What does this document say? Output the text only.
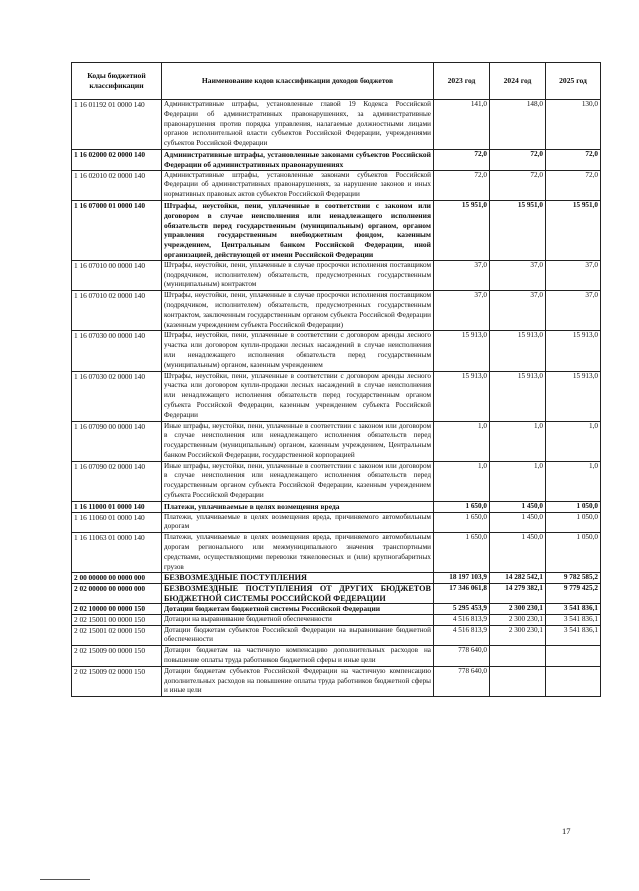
Коды бюджетной классификации	Наименование кодов классификации доходов бюджетов	2023 год	2024 год	2025 год
1 16 01192 01 0000 140	Административные штрафы, установленные главой 19 Кодекса Российской Федерации об административных правонарушениях, за административные правонарушения против порядка управления, налагаемые должностными лицами органов исполнительной власти субъектов Российской Федерации, учреждениями субъектов Российской Федерации	141,0	148,0	130,0
1 16 02000 02 0000 140	Административные штрафы, установленные законами субъектов Российской Федерации об административных правонарушениях	72,0	72,0	72,0
1 16 02010 02 0000 140	Административные штрафы, установленные законами субъектов Российской Федерации об административных правонарушениях, за нарушение законов и иных нормативных правовых актов субъектов Российской Федерации	72,0	72,0	72,0
1 16 07000 01 0000 140	Штрафы, неустойки, пени, уплаченные в соответствии с законом или договором в случае неисполнения или ненадлежащего исполнения обязательств перед государственным (муниципальным) органом, органом управления государственным внебюджетным фондом, казенным учреждением, Центральным банком Российской Федерации, иной организацией, действующей от имени Российской Федерации	15 951,0	15 951,0	15 951,0
1 16 07010 00 0000 140	Штрафы, неустойки, пени, уплаченные в случае просрочки исполнения поставщиком (подрядчиком, исполнителем) обязательств, предусмотренных государственным (муниципальным) контрактом	37,0	37,0	37,0
1 16 07010 02 0000 140	Штрафы, неустойки, пени, уплаченные в случае просрочки исполнения поставщиком (подрядчиком, исполнителем) обязательств, предусмотренных государственным контрактом, заключенным государственным органом субъекта Российской Федерации (казенным учреждением субъекта Российской Федерации)	37,0	37,0	37,0
1 16 07030 00 0000 140	Штрафы, неустойки, пени, уплаченные в соответствии с договором аренды лесного участка или договором купли-продажи лесных насаждений в случае неисполнения или ненадлежащего исполнения обязательств перед государственным (муниципальным) органом, казенным учреждением	15 913,0	15 913,0	15 913,0
1 16 07030 02 0000 140	Штрафы, неустойки, пени, уплаченные в соответствии с договором аренды лесного участка или договором купли-продажи лесных насаждений в случае неисполнения или ненадлежащего исполнения обязательств перед государственным органом субъекта Российской Федерации, казенным учреждением субъекта Российской Федерации	15 913,0	15 913,0	15 913,0
1 16 07090 00 0000 140	Иные штрафы, неустойки, пени, уплаченные в соответствии с законом или договором в случае неисполнения или ненадлежащего исполнения обязательств перед государственным (муниципальным) органом, казенным учреждением, Центральным банком Российской Федерации, государственной корпорацией	1,0	1,0	1,0
1 16 07090 02 0000 140	Иные штрафы, неустойки, пени, уплаченные в соответствии с законом или договором в случае неисполнения или ненадлежащего исполнения обязательств перед государственным органом субъекта Российской Федерации, казенным учреждением субъекта Российской Федерации	1,0	1,0	1,0
1 16 11000 01 0000 140	Платежи, уплачиваемые в целях возмещения вреда	1 650,0	1 450,0	1 050,0
1 16 11060 01 0000 140	Платежи, уплачиваемые в целях возмещения вреда, причиняемого автомобильным дорогам	1 650,0	1 450,0	1 050,0
1 16 11063 01 0000 140	Платежи, уплачиваемые в целях возмещения вреда, причиняемого автомобильным дорогам регионального или межмуниципального значения транспортными средствами, осуществляющими перевозки тяжеловесных и (или) крупногабаритных грузов	1 650,0	1 450,0	1 050,0
2 00 00000 00 0000 000	БЕЗВОЗМЕЗДНЫЕ ПОСТУПЛЕНИЯ	18 197 103,9	14 282 542,1	9 782 585,2
2 02 00000 00 0000 000	БЕЗВОЗМЕЗДНЫЕ ПОСТУПЛЕНИЯ ОТ ДРУГИХ БЮДЖЕТОВ БЮДЖЕТНОЙ СИСТЕМЫ РОССИЙСКОЙ ФЕДЕРАЦИИ	17 346 061,8	14 279 382,1	9 779 425,2
2 02 10000 00 0000 150	Дотации бюджетам бюджетной системы Российской Федерации	5 295 453,9	2 300 230,1	3 541 836,1
2 02 15001 00 0000 150	Дотации на выравнивание бюджетной обеспеченности	4 516 813,9	2 300 230,1	3 541 836,1
2 02 15001 02 0000 150	Дотации бюджетам субъектов Российской Федерации на выравнивание бюджетной обеспеченности	4 516 813,9	2 300 230,1	3 541 836,1
2 02 15009 00 0000 150	Дотации бюджетам на частичную компенсацию дополнительных расходов на повышение оплаты труда работников бюджетной сферы и иные цели	778 640,0		
2 02 15009 02 0000 150	Дотации бюджетам субъектов Российской Федерации на частичную компенсацию дополнительных расходов на повышение оплаты труда работников бюджетной сферы и иные цели	778 640,0		
17
